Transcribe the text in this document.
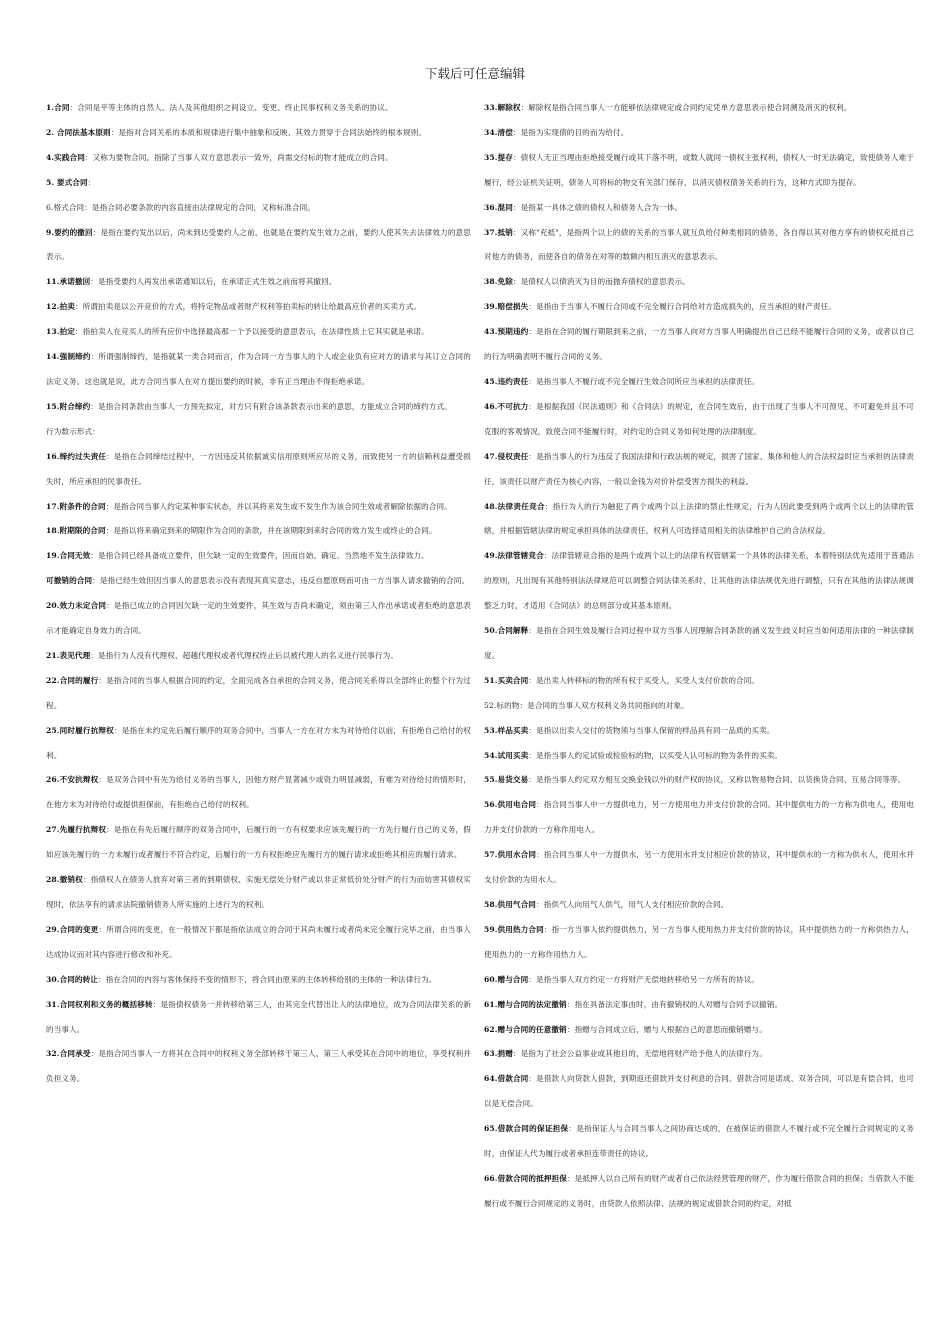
下载后可任意编辑

1.合同：合同是平等主体的自然人、法人及其他组织之间设立、变更、终止民事权利义务关系的协议。

2. 合同法基本原则：是指对合同关系的本质和规律进行集中抽象和反映、其效力贯穿于合同法始终的根本规则。

4.实践合同：又称为要物合同，指除了当事人双方意思表示一致外，尚需交付标的物才能成立的合同。

5. 要式合同：

6.格式合同：是指合同必要条款的内容直接由法律规定的合同，又称标准合同。

9.要约的撤回：是指在要约发出以后，尚未到达受要约人之前，也就是在要约发生效力之前，要约人使其失去法律效力的意思表示。

11.承诺撤回：是指受要约人再发出承诺通知以后，在承诺正式生效之前而将其撤回。

12.拍卖：所谓拍卖是以公开竞价的方式，将特定物品或者财产权利等拍卖标的转让给最高应价者的买卖方式。

13.拍定：指拍卖人在竞买人的所有应价中选择最高那一个予以接受的意思表示，在法律性质上它其实就是承诺。

14.强制缔约：所谓强制缔约，是指就某一类合同而言，作为合同一方当事人的个人或企业负有应对方的请求与其订立合同的法定义务。这也就是说，此方合同当事人在对方提出要约的时候，非有正当理由不得拒绝承诺。

15.附合缔约：是指合同条款由当事人一方预先拟定，对方只有附合该条款表示出来的意思，方能成立合同的缔约方式。

行为数示形式：

16.缔约过失责任：是指在合同缔结过程中，一方因违反其依据诚实信用原则所应尽的义务，而致使另一方的信赖利益遭受损失时，所应承担的民事责任。

17.附条件的合同：是指合同当事人约定某种事实状态，并以其将来发生或不发生作为该合同生效或者解除依据的合同。

18.附期限的合同：是指以将来确定到来的期限作为合同的条款，并在该期限到来时合同的效力发生或终止的合同。

19.合同无效：是指合同已经具备成立要件，但欠缺一定的生效要件，因而自始、确定、当然地不发生法律效力。

可撤销的合同：是指已经生效但因当事人的意思表示没有表现其真实意志，违反自愿原则而可由一方当事人请求撤销的合同。

20.效力未定合同：是指已成立的合同因欠缺一定的生效要件，其生效与否尚未确定，须由第三人作出承诺或者拒绝的意思表示才能确定自身效力的合同。

21.表见代理：是指行为人没有代理权、超越代理权或者代理权终止后以被代理人的名义进行民事行为。

22.合同的履行：是指合同的当事人根据合同的约定，全面完成各自承担的合同义务，使合同关系得以全部终止的整个行为过程。

25.同时履行抗辩权：是指在未约定先后履行顺序的双务合同中，当事人一方在对方未为对待给付以前，有拒绝自己给付的权利。

26.不安抗辩权：是双务合同中有先为给付义务的当事人，因他方财产显著减少或资力明显减弱，有难为对待给付的情形时，在他方未为对待给付或提供担保前，有拒绝自己给付的权利。

27.先履行抗辩权：是指在有先后履行顺序的双务合同中，后履行的一方有权要求应该先履行的一方先行履行自己的义务，假如应该先履行的一方未履行或者履行不符合约定，后履行的一方有权拒绝应先履行方的履行请求或拒绝其相应的履行请求。

28.撤销权：指债权人在债务人放弃对第三者的到期债权、实施无偿处分财产或以非正常低价处分财产的行为而妨害其债权实现时，依法享有的请求法院撤销债务人所实施的上述行为的权利。

29.合同的变更：所谓合同的变更，在一般情况下都是指依法成立的合同于其尚未履行或者尚未完全履行完毕之前，由当事人达成协议而对其内容进行修改和补充。

30.合同的转让：指在合同的内容与客体保持不变的情形下，将合同由原来的主体转移给别的主体的一种法律行为。

31.合同权利和义务的概括移转：是指债权债务一并转移给第三人，由其完全代替出让人的法律地位，成为合同法律关系的新的当事人。

32.合同承受：是指合同当事人一方将其在合同中的权利义务全部转移于第三人，第三人承受其在合同中的地位，享受权利并负担义务。

33.解除权：解除权是指合同当事人一方能够依法律规定或合同约定凭单方意思表示使合同溯及消灭的权利。

34.清偿：是指为实现债的目的而为给付。

35.提存：债权人无正当理由拒绝接受履行或其下落不明，或数人就同一债权主张权利，债权人一时无法确定，致使债务人难于履行，经公证机关证明，债务人可将标的物交有关部门保存，以消灭债权债务关系的行为，这种方式即为提存。

36.混同：是指某一具体之债的债权人和债务人合为一体。

37.抵销：又称"充抵"，是指两个以上的债的关系的当事人就互负给付种类相同的债务，各自得以其对他方享有的债权充抵自己对他方的债务，而使各自的债务在对等的数额内相互消灭的意思表示。

38.免除：是债权人以债消灭为目的而抛弃债权的意思表示。

39.赔偿损失：是指由于当事人不履行合同或不完全履行合同给对方造成损失的，应当承担的财产责任。

43.预期违约：是指在合同的履行期限到来之前，一方当事人向对方当事人明确提出自己已经不能履行合同的义务，或者以自己的行为明确表明不履行合同的义务。

45.违约责任：是指当事人不履行或不完全履行生效合同所应当承担的法律责任。

46.不可抗力：是根据我国《民法通则》和《合同法》的规定，在合同生效后，由于出现了当事人不可预见、不可避免并且不可克服的客观情况，致使合同不能履行时，对约定的合同义务如何处理的法律制度。

47.侵权责任：是指当事人的行为违反了我国法律和行政法规的规定，损害了国家、集体和他人的合法权益时应当承担的法律责任，该责任以财产责任为核心内容，一般以金钱为对价补偿受害方损失的利益。

48.法律责任竞合：指行为人的行为触犯了两个或两个以上法律的禁止性规定，行为人因此要受到两个或两个以上的法律的管辖，并根据管辖法律的规定承担具体的法律责任，权利人可选择适用相关的法律维护自己的合法权益。

49.法律管辖竞合：法律管辖竞合指的是两个或两个以上的法律有权管辖某一个具体的法律关系，本着特别法优先适用于普通法的原则，凡出现有其他特别法法律规范可以调整合同法律关系时，让其他的法律法规优先进行调整，只有在其他的法律法规调整乏力时，才适用《合同法》的总则部分或其基本原则。

50.合同解释：是指在合同生效及履行合同过程中双方当事人因理解合同条款的涵义发生歧义时应当如何适用法律的一种法律制度。

51.买卖合同：是出卖人转移标的物的所有权于买受人，买受人支付价款的合同。

52.标的物：是合同的当事人双方权利义务共同指向的对象。

53.样品买卖：是指以出卖人交付的货物须与当事人保留的样品具有同一品质的买卖。

54.试用买卖：是指当事人约定试验或检验标的物，以买受人认可标的物为条件的买卖。

55.易货交易：是指当事人约定双方相互交换金钱以外的财产权的协议，又称以物易物合同、以货换货合同、互易合同等等。

56.供用电合同：指合同当事人中一方提供电力，另一方使用电力并支付价款的合同。其中提供电力的一方称为供电人，使用电力并支付价款的一方称作用电人。

57.供用水合同：指合同当事人中一方提供水，另一方使用水并支付相应价款的协议，其中提供水的一方称为供水人，使用水并支付价款的为用水人。

58.供用气合同：指供气人向用气人供气，用气人支付相应价款的合同。

59.供用热力合同：指一方当事人依约提供热力，另一方当事人使用热力并支付价款的协议，其中提供热力的一方称供热力人，使用热力的一方称作用热力人。

60.赠与合同：是指当事人双方约定一方将财产无偿地转移给另一方所有的协议。

61.赠与合同的法定撤销：指在具备法定事由时，由有撤销权的人对赠与合同予以撤销。

62.赠与合同的任意撤销：指赠与合同成立后，赠与人根据自己的意思而撤销赠与。

63.捐赠：是指为了社会公益事业或其他目的，无偿地将财产给予他人的法律行为。

64.借款合同：是借款人向贷款人借款，到期返还借款并支付利息的合同。借款合同是诺成、双务合同，可以是有偿合同，也可以是无偿合同。

65.借款合同的保证担保：是指保证人与合同当事人之间协商达成的，在被保证的借款人不履行或不完全履行合同规定的义务时，由保证人代为履行或者承担连带责任的协议。

66.借款合同的抵押担保：是抵押人以自己所有的财产或者自己依法经营管理的财产，作为履行借款合同的担保；当借款人不能履行或不履行合同规定的义务时，由贷款人依照法律、法规的规定或借款合同的约定，对抵
